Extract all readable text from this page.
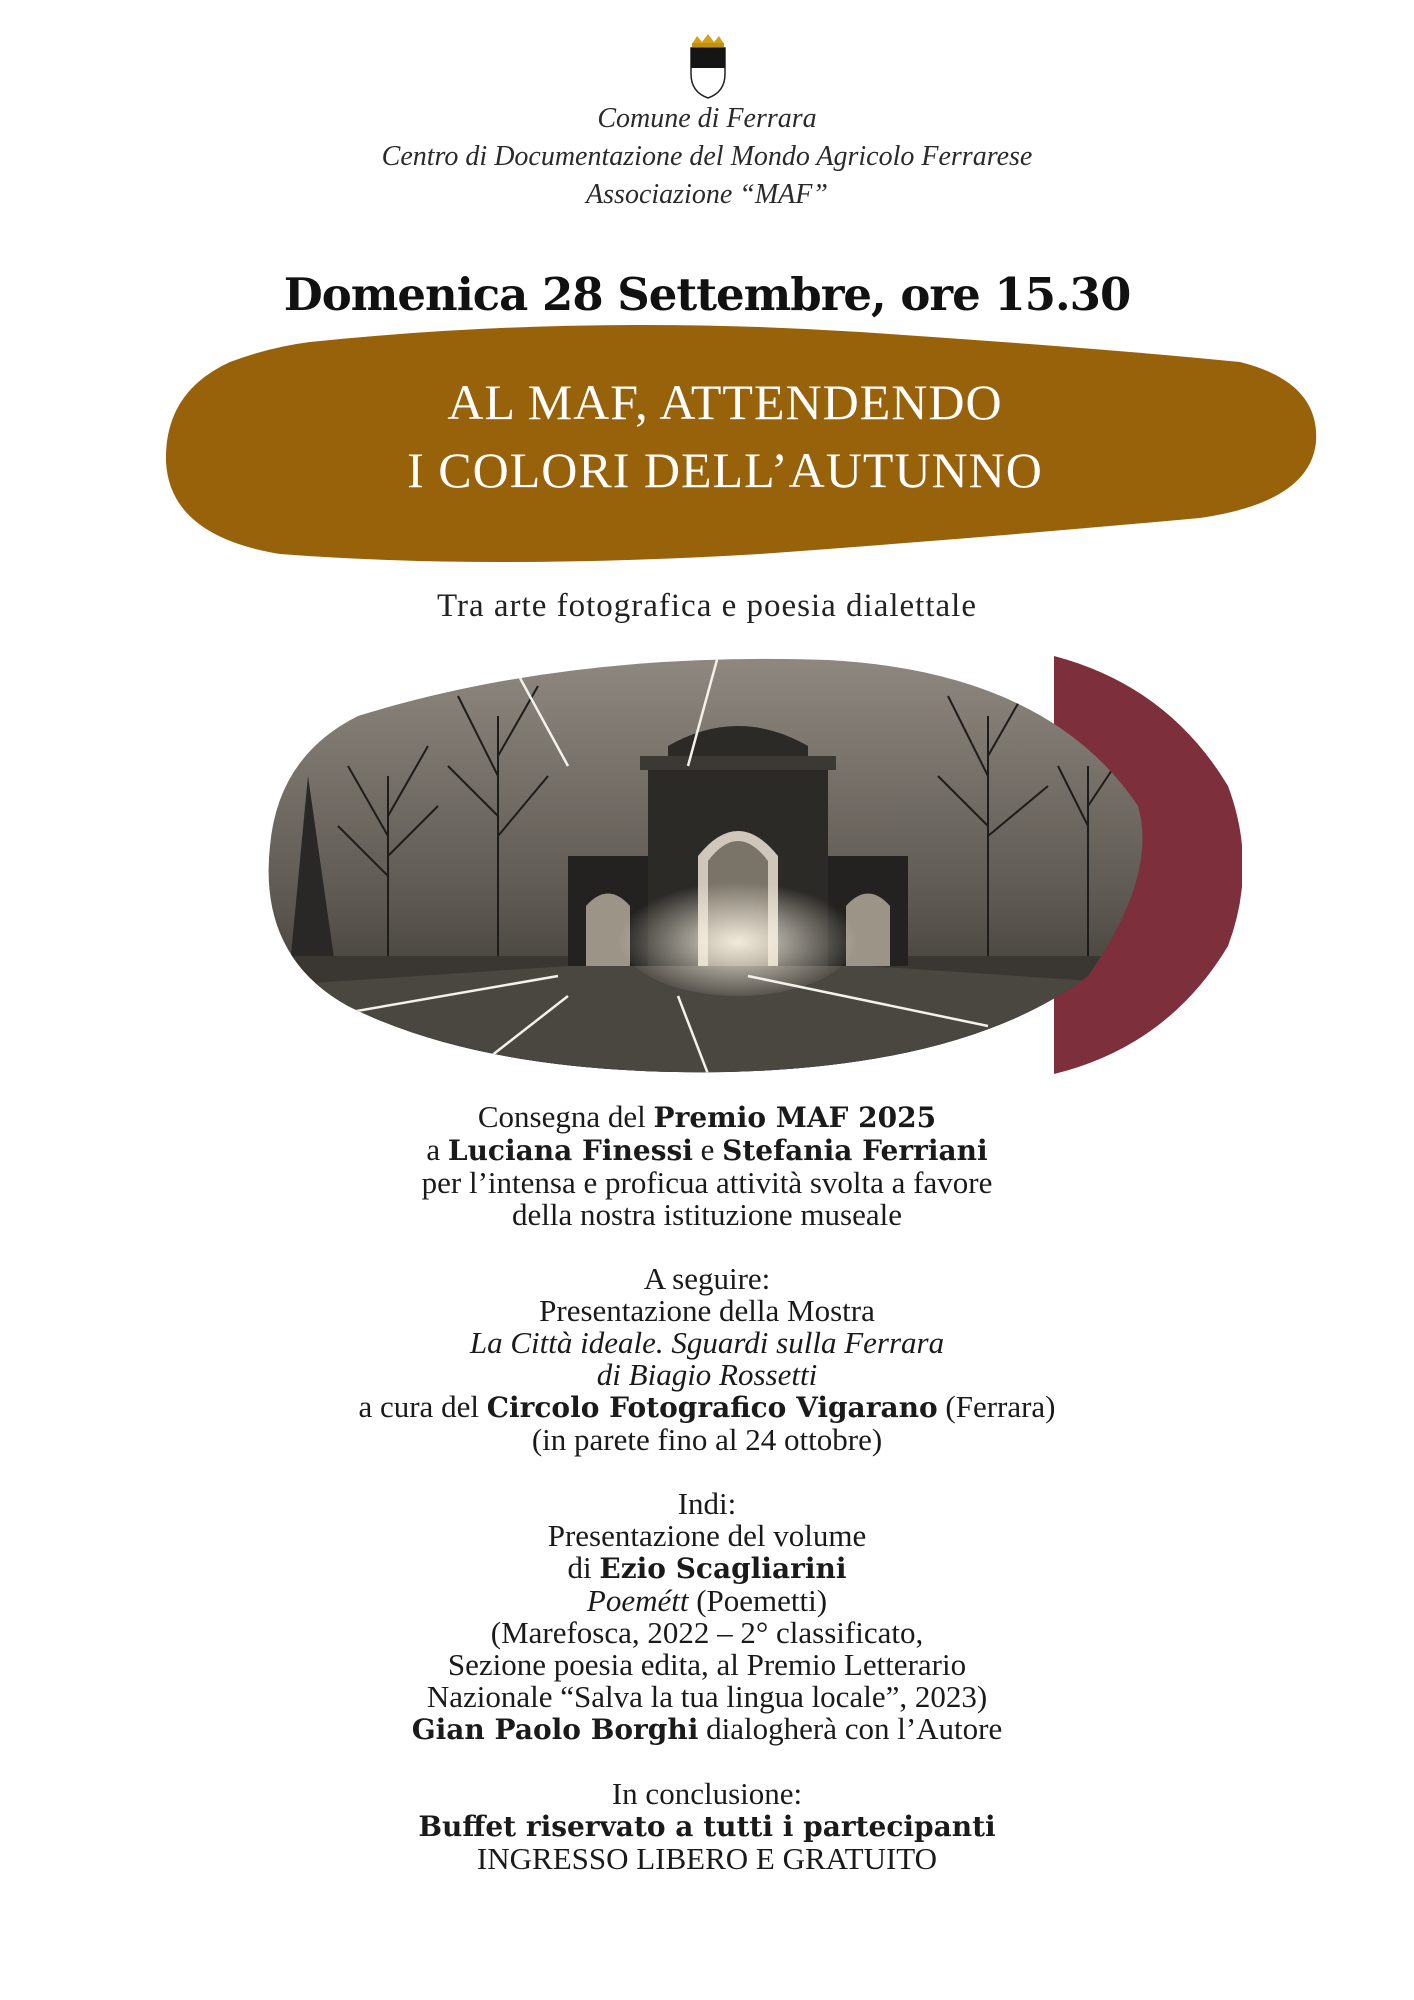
Comune di Ferrara
Centro di Documentazione del Mondo Agricolo Ferrarese
Associazione “MAF”
Domenica 28 Settembre, ore 15.30
AL MAF, ATTENDENDO
I COLORI DELL’AUTUNNO
Tra arte fotografica e poesia dialettale
Consegna del Premio MAF 2025
a Luciana Finessi e Stefania Ferriani
per l’intensa e proficua attività svolta a favore
della nostra istituzione museale
A seguire:
Presentazione della Mostra
La Città ideale. Sguardi sulla Ferrara
di Biagio Rossetti
a cura del Circolo Fotografico Vigarano (Ferrara)
(in parete fino al 24 ottobre)
Indi:
Presentazione del volume
di Ezio Scagliarini
Poemétt (Poemetti)
(Marefosca, 2022 – 2° classificato,
Sezione poesia edita, al Premio Letterario
Nazionale “Salva la tua lingua locale”, 2023)
Gian Paolo Borghi dialogherà con l’Autore
In conclusione:
Buffet riservato a tutti i partecipanti
INGRESSO LIBERO E GRATUITO
